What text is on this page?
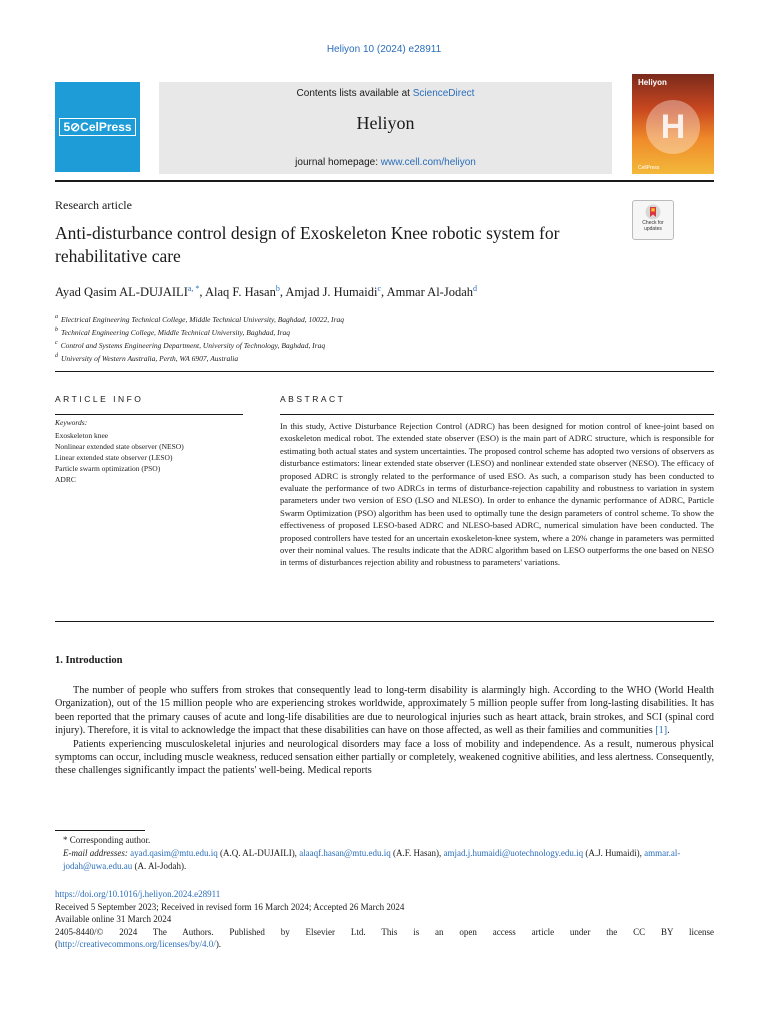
Heliyon 10 (2024) e28911
5⊘CelPress
Contents lists available at ScienceDirect
Heliyon
journal homepage: www.cell.com/heliyon
Heliyon
H
CellPress
Research article
Check for updates
Anti-disturbance control design of Exoskeleton Knee robotic system for rehabilitative care
Ayad Qasim $AL-DUJAILI^{a, *}$, Alaq F. Hasan$^b$, Amjad J. Humaidi$^c$, Ammar Al-Jodah$^d$
$^a$ Electrical Engineering Technical College, Middle Technical University, Baghdad, 10022, Iraq
$^b$ Technical Engineering College, Middle Technical University, Baghdad, Iraq
$^c$ Control and Systems Engineering Department, University of Technology, Baghdad, Iraq
$^d$ University of Western Australia, Perth, WA 6907, Australia
ARTICLE INFO
Keywords:
Exoskeleton knee
Nonlinear extended state observer (NESO)
Linear extended state observer (LESO)
Particle swarm optimization (PSO)
ADRC
ABSTRACT
In this study, Active Disturbance Rejection Control (ADRC) has been designed for motion control of knee-joint based on exoskeleton medical robot. The extended state observer (ESO) is the main part of ADRC structure, which is responsible for estimating both actual states and system uncertainties. The proposed control scheme has adopted two versions of observers as disturbance estimators: linear extended state observer (LESO) and nonlinear extended state observer (NESO). The efficacy of proposed ADRC is strongly related to the performance of used ESO. As such, a comparison study has been conducted to evaluate the performance of two ADRCs in terms of disturbance-rejection capability and robustness to variation in system parameters under two version of ESO (LSO and NLESO). In order to enhance the dynamic performance of ADRC, Particle Swarm Optimization (PSO) algorithm has been used to optimally tune the design parameters of control scheme. To show the effectiveness of proposed LESO-based ADRC and NLESO-based ADRC, numerical simulation have been conducted. The proposed controllers have tested for an uncertain exoskeleton-knee system, where a 20% change in parameters was permitted over their nominal values. The results indicate that the ADRC algorithm based on LESO outperforms the one based on NESO in terms of disturbances rejection ability and robustness to parameters' variations.
1. Introduction

The number of people who suffers from strokes that consequently lead to long-term disability is alarmingly high. According to the WHO (World Health Organization), out of the 15 million people who are experiencing strokes worldwide, approximately 5 million people suffer from long-lasting disabilities. It has been reported that the primary causes of acute and long-life disabilities are due to neurological injuries such as heart attack, brain strokes, and SCI (spinal cord injury). Therefore, it is vital to acknowledge the impact that these disabilities can have on those affected, as well as their families and communities [1].

Patients experiencing musculoskeletal injuries and neurological disorders may face a loss of mobility and independence. As a result, numerous physical symptoms can occur, including muscle weakness, reduced sensation either partially or completely, weakened cognitive abilities, and less alertness. Consequently, these challenges significantly impact the patients' well-being. Medical reports

* Corresponding author.
E-mail addresses: ayad.qasim@mtu.edu.iq (A.Q. AL-DUJAILI), alaaqf.hasan@mtu.edu.iq (A.F. Hasan), amjad.j.humaidi@uotechnology.edu.iq (A.J. Humaidi), ammar.al-jodah@uwa.edu.au (A. Al-Jodah).
https://doi.org/10.1016/j.heliyon.2024.e28911
Received 5 September 2023; Received in revised form 16 March 2024; Accepted 26 March 2024
Available online 31 March 2024
2405-8440/© 2024 The Authors. Published by Elsevier Ltd. This is an open access article under the CC BY license
(http://creativecommons.org/licenses/by/4.0/).
